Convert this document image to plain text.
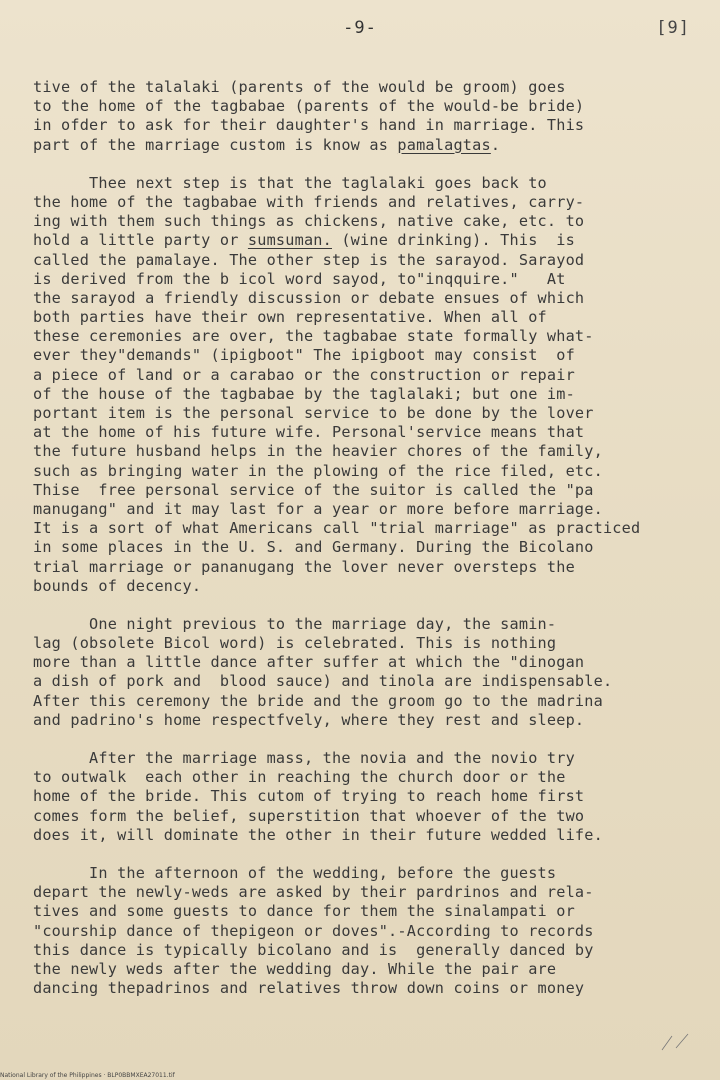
-9-	[9]
tive of the talalaki (parents of the would be groom) goes
to the home of the tagbabae (parents of the would-be bride)
in ofder to ask for their daughter's hand in marriage. This
part of the marriage custom is know as pamalagtas.
Thee next step is that the taglalaki goes back to
the home of the tagbabae with friends and relatives, carry-
ing with them such things as chickens, native cake, etc. to
hold a little party or sumsuman. (wine drinking). This  is
called the pamalaye. The other step is the sarayod. Sarayod
is derived from the b icol word sayod, to"inqquire."   At
the sarayod a friendly discussion or debate ensues of which
both parties have their own representative. When all of
these ceremonies are over, the tagbabae state formally what-
ever they"demands" (ipigboot" The ipigboot may consist  of
a piece of land or a carabao or the construction or repair
of the house of the tagbabae by the taglalaki; but one im-
portant item is the personal service to be done by the lover
at the home of his future wife. Personal'service means that
the future husband helps in the heavier chores of the family,
such as bringing water in the plowing of the rice filed, etc.
Thise  free personal service of the suitor is called the "pa
manugang" and it may last for a year or more before marriage.
It is a sort of what Americans call "trial marriage" as practiced
in some places in the U. S. and Germany. During the Bicolano
trial marriage or pananugang the lover never oversteps the
bounds of decency.
One night previous to the marriage day, the samin-
lag (obsolete Bicol word) is celebrated. This is nothing
more than a little dance after suffer at which the "dinogan
a dish of pork and  blood sauce) and tinola are indispensable.
After this ceremony the bride and the groom go to the madrina
and padrino's home respectfvely, where they rest and sleep.
After the marriage mass, the novia and the novio try
to outwalk  each other in reaching the church door or the
home of the bride. This cutom of trying to reach home first
comes form the belief, superstition that whoever of the two
does it, will dominate the other in their future wedded life.
In the afternoon of the wedding, before the guests
depart the newly-weds are asked by their pardrinos and rela-
tives and some guests to dance for them the sinalampati or
"courship dance of thepigeon or doves".-According to records
this dance is typically bicolano and is  generally danced by
the newly weds after the wedding day. While the pair are
dancing thepadrinos and relatives throw down coins or money
National Library of the Philippines · BLP0BBMXEA27011.tif
